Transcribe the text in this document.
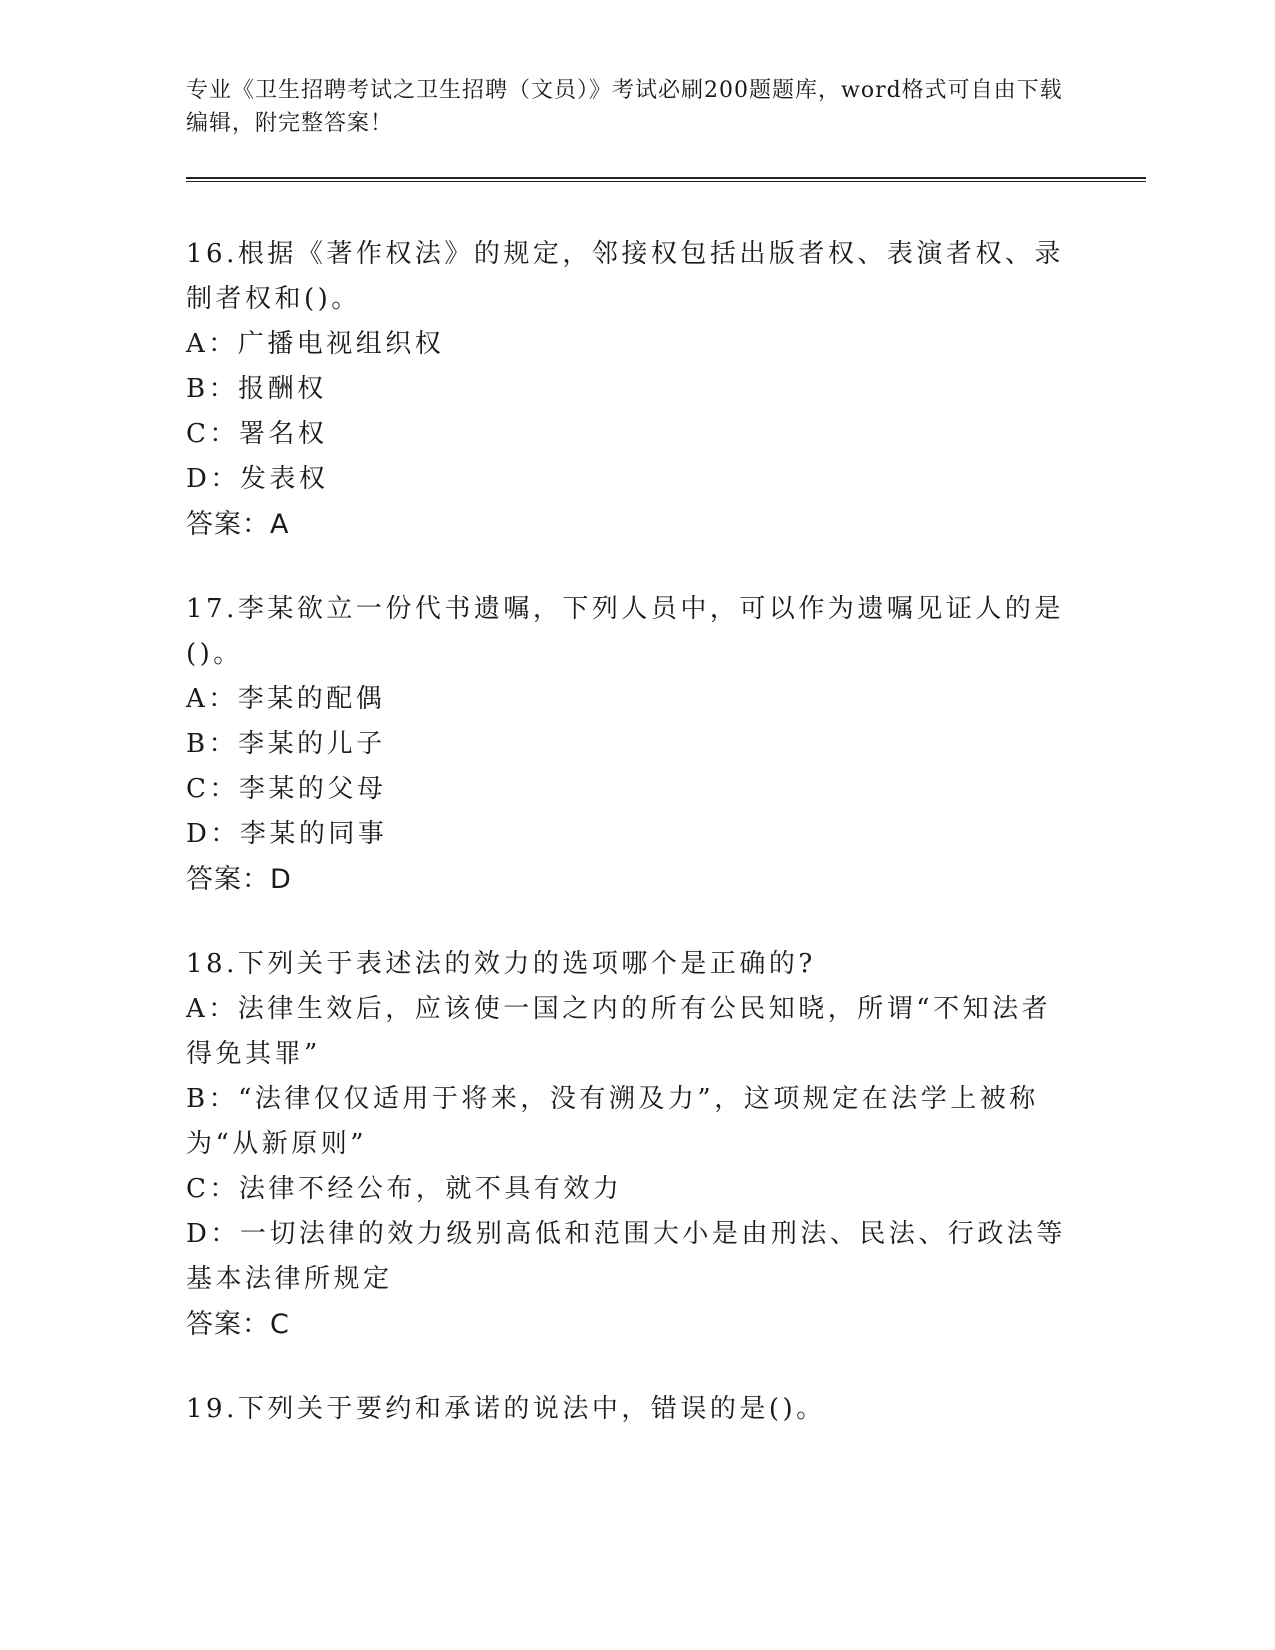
专业《卫生招聘考试之卫生招聘（文员）》考试必刷200题题库，word格式可自由下载编辑，附完整答案！

16.根据《著作权法》的规定，邻接权包括出版者权、表演者权、录制者权和()。

A：广播电视组织权

B：报酬权

C：署名权

D：发表权

答案：A

17.李某欲立一份代书遗嘱，下列人员中，可以作为遗嘱见证人的是()。

A：李某的配偶

B：李某的儿子

C：李某的父母

D：李某的同事

答案：D

18.下列关于表述法的效力的选项哪个是正确的?

A：法律生效后，应该使一国之内的所有公民知晓，所谓“不知法者得免其罪”

B：“法律仅仅适用于将来，没有溯及力”，这项规定在法学上被称为“从新原则”

C：法律不经公布，就不具有效力

D：一切法律的效力级别高低和范围大小是由刑法、民法、行政法等基本法律所规定

答案：C

19.下列关于要约和承诺的说法中，错误的是()。
